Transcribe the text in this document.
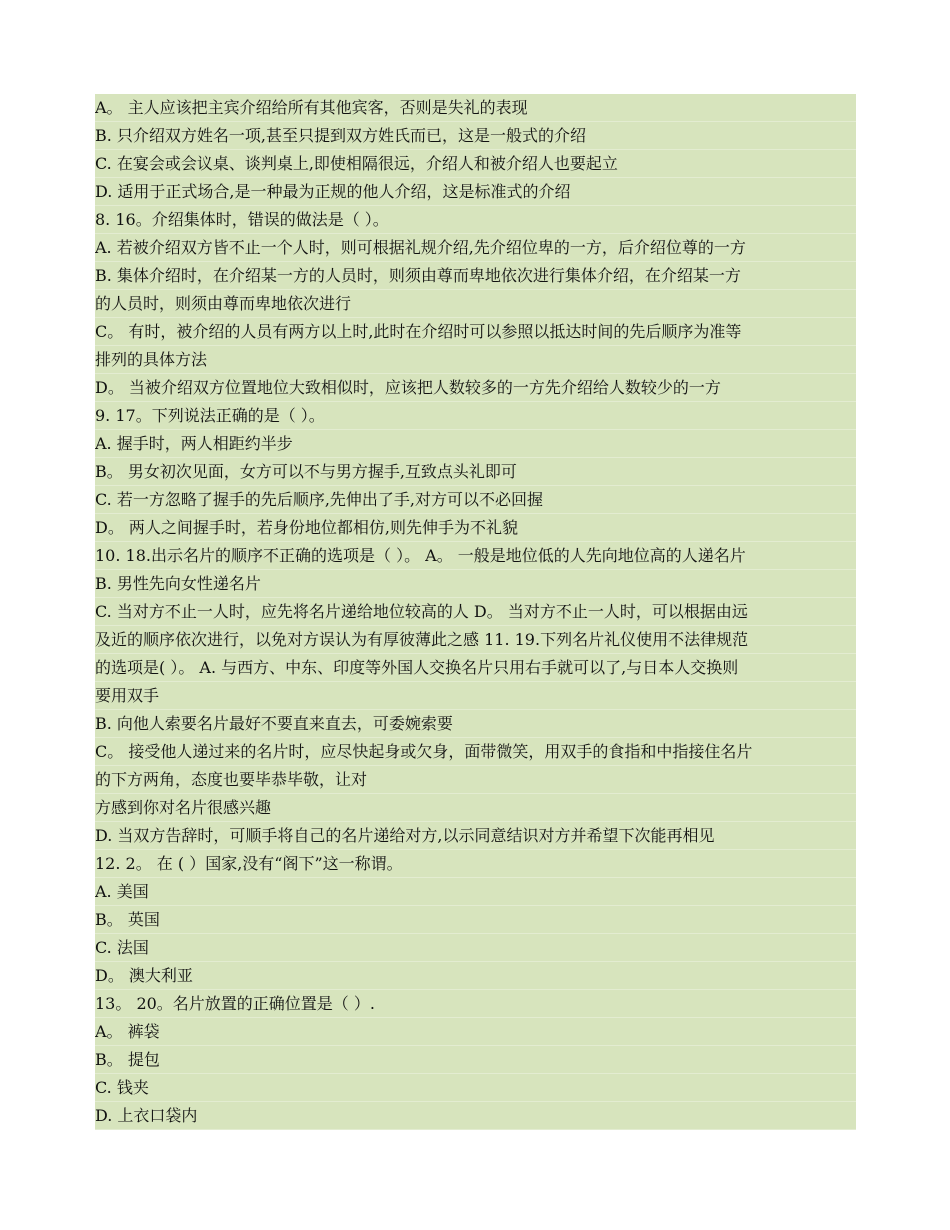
A。 主人应该把主宾介绍给所有其他宾客，否则是失礼的表现
B. 只介绍双方姓名一项,甚至只提到双方姓氏而已，这是一般式的介绍
C. 在宴会或会议桌、谈判桌上,即使相隔很远，介绍人和被介绍人也要起立
D. 适用于正式场合,是一种最为正规的他人介绍，这是标准式的介绍
8. 16。介绍集体时，错误的做法是（ ）。
A. 若被介绍双方皆不止一个人时，则可根据礼规介绍,先介绍位卑的一方，后介绍位尊的一方
B. 集体介绍时，在介绍某一方的人员时，则须由尊而卑地依次进行集体介绍，在介绍某一方
的人员时，则须由尊而卑地依次进行
C。 有时，被介绍的人员有两方以上时,此时在介绍时可以参照以抵达时间的先后顺序为准等
排列的具体方法
D。 当被介绍双方位置地位大致相似时，应该把人数较多的一方先介绍给人数较少的一方
9. 17。下列说法正确的是（ ）。
A. 握手时，两人相距约半步
B。 男女初次见面，女方可以不与男方握手,互致点头礼即可
C. 若一方忽略了握手的先后顺序,先伸出了手,对方可以不必回握
D。 两人之间握手时，若身份地位都相仿,则先伸手为不礼貌
10. 18.出示名片的顺序不正确的选项是（ ）。 A。 一般是地位低的人先向地位高的人递名片
B. 男性先向女性递名片
C. 当对方不止一人时，应先将名片递给地位较高的人 D。 当对方不止一人时，可以根据由远
及近的顺序依次进行，以免对方误认为有厚彼薄此之感 11. 19.下列名片礼仪使用不法律规范
的选项是( ）。 A. 与西方、中东、印度等外国人交换名片只用右手就可以了,与日本人交换则
要用双手
B. 向他人索要名片最好不要直来直去，可委婉索要
C。 接受他人递过来的名片时，应尽快起身或欠身，面带微笑，用双手的食指和中指接住名片
的下方两角，态度也要毕恭毕敬，让对
方感到你对名片很感兴趣
D. 当双方告辞时，可顺手将自己的名片递给对方,以示同意结识对方并希望下次能再相见
12. 2。 在 ( ）国家,没有“阁下”这一称谓。
A. 美国
B。 英国
C. 法国
D。 澳大利亚
13。 20。名片放置的正确位置是（ ）.
A。 裤袋
B。 提包
C. 钱夹
D. 上衣口袋内
